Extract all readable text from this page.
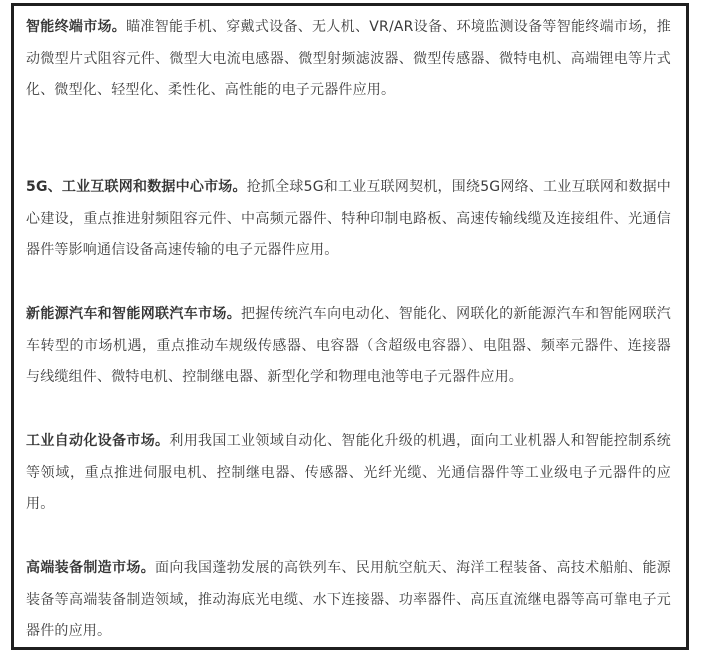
智能终端市场。瞄准智能手机、穿戴式设备、无人机、VR/AR设备、环境监测设备等智能终端市场，推动微型片式阻容元件、微型大电流电感器、微型射频滤波器、微型传感器、微特电机、高端锂电等片式化、微型化、轻型化、柔性化、高性能的电子元器件应用。

5G、工业互联网和数据中心市场。抢抓全球5G和工业互联网契机，围绕5G网络、工业互联网和数据中心建设，重点推进射频阻容元件、中高频元器件、特种印制电路板、高速传输线缆及连接组件、光通信器件等影响通信设备高速传输的电子元器件应用。

新能源汽车和智能网联汽车市场。把握传统汽车向电动化、智能化、网联化的新能源汽车和智能网联汽车转型的市场机遇，重点推动车规级传感器、电容器（含超级电容器）、电阻器、频率元器件、连接器与线缆组件、微特电机、控制继电器、新型化学和物理电池等电子元器件应用。

工业自动化设备市场。利用我国工业领域自动化、智能化升级的机遇，面向工业机器人和智能控制系统等领域，重点推进伺服电机、控制继电器、传感器、光纤光缆、光通信器件等工业级电子元器件的应用。

高端装备制造市场。面向我国蓬勃发展的高铁列车、民用航空航天、海洋工程装备、高技术船舶、能源装备等高端装备制造领域，推动海底光电缆、水下连接器、功率器件、高压直流继电器等高可靠电子元器件的应用。
